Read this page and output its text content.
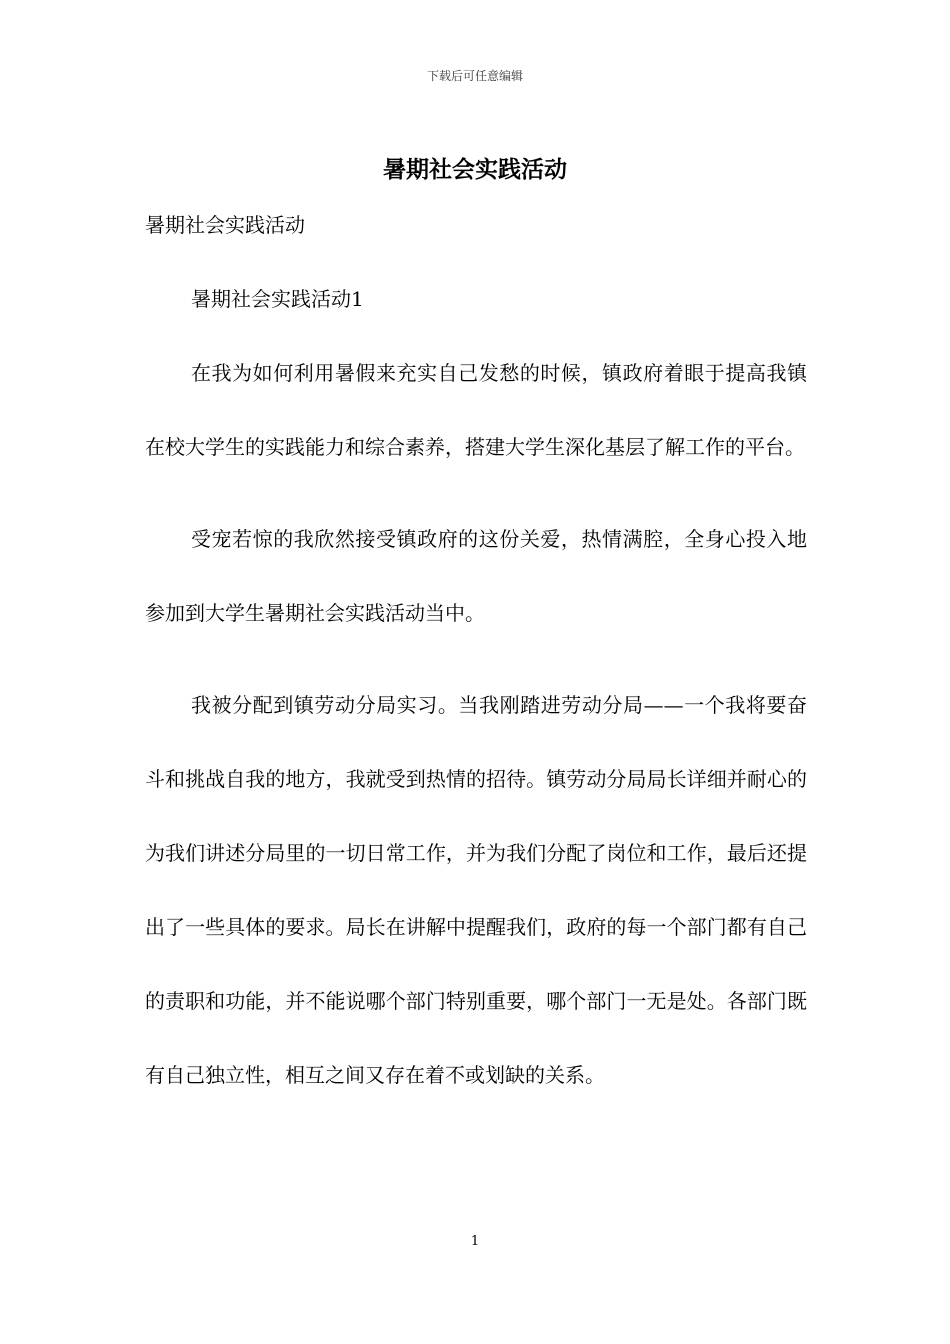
下载后可任意编辑
暑期社会实践活动

暑期社会实践活动

暑期社会实践活动1

在我为如何利用暑假来充实自己发愁的时候，镇政府着眼于提高我镇在校大学生的实践能力和综合素养，搭建大学生深化基层了解工作的平台。

受宠若惊的我欣然接受镇政府的这份关爱，热情满腔，全身心投入地参加到大学生暑期社会实践活动当中。

我被分配到镇劳动分局实习。当我刚踏进劳动分局——一个我将要奋斗和挑战自我的地方，我就受到热情的招待。镇劳动分局局长详细并耐心的为我们讲述分局里的一切日常工作，并为我们分配了岗位和工作，最后还提出了一些具体的要求。局长在讲解中提醒我们，政府的每一个部门都有自己的责职和功能，并不能说哪个部门特别重要，哪个部门一无是处。各部门既有自己独立性，相互之间又存在着不或划缺的关系。

1
